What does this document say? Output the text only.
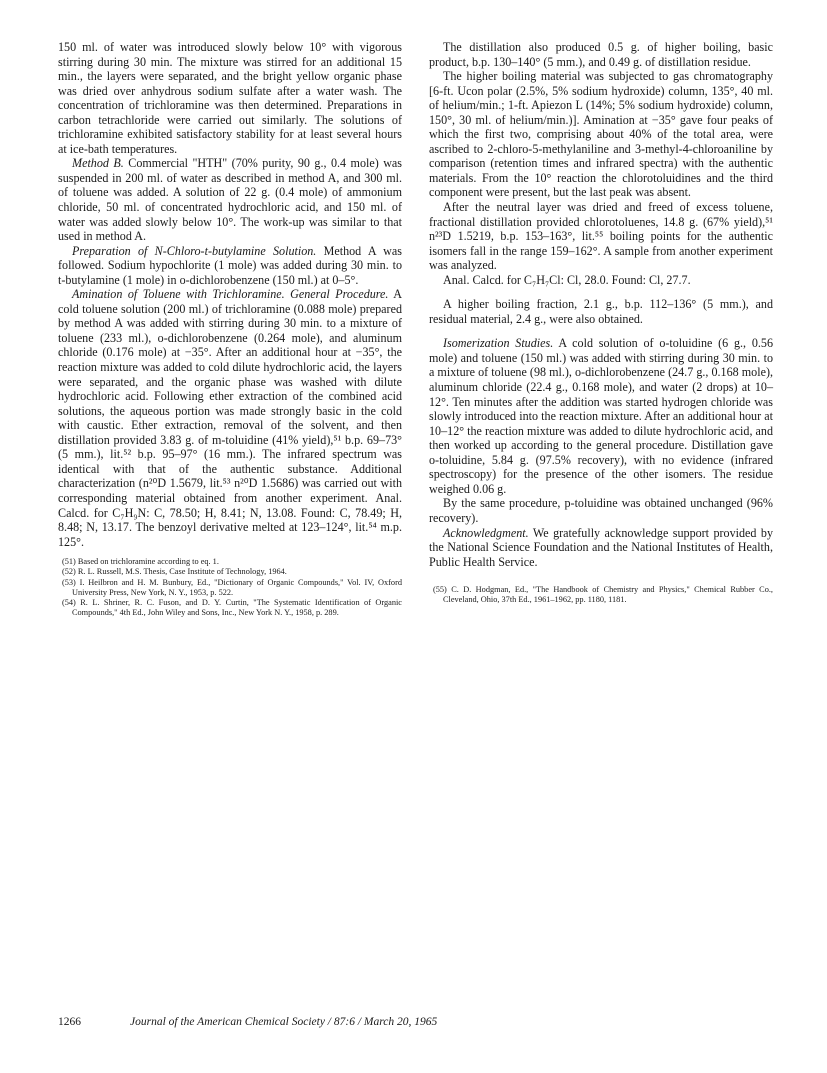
150 ml. of water was introduced slowly below 10° with vigorous stirring during 30 min. The mixture was stirred for an additional 15 min., the layers were separated, and the bright yellow organic phase was dried over anhydrous sodium sulfate after a water wash. The concentration of trichloramine was then determined. Preparations in carbon tetrachloride were carried out similarly. The solutions of trichloramine exhibited satisfactory stability for at least several hours at ice-bath temperatures.

Method B. Commercial "HTH" (70% purity, 90 g., 0.4 mole) was suspended in 200 ml. of water as described in method A, and 300 ml. of toluene was added. A solution of 22 g. (0.4 mole) of ammonium chloride, 50 ml. of concentrated hydrochloric acid, and 150 ml. of water was added slowly below 10°. The work-up was similar to that used in method A.

Preparation of N-Chloro-t-butylamine Solution. Method A was followed. Sodium hypochlorite (1 mole) was added during 30 min. to t-butylamine (1 mole) in o-dichlorobenzene (150 ml.) at 0–5°.

Amination of Toluene with Trichloramine. General Procedure. A cold toluene solution (200 ml.) of trichloramine (0.088 mole) prepared by method A was added with stirring during 30 min. to a mixture of toluene (233 ml.), o-dichlorobenzene (0.264 mole), and aluminum chloride (0.176 mole) at −35°. After an additional hour at −35°, the reaction mixture was added to cold dilute hydrochloric acid, the layers were separated, and the organic phase was washed with dilute hydrochloric acid. Following ether extraction of the combined acid solutions, the aqueous portion was made strongly basic in the cold with caustic. Ether extraction, removal of the solvent, and then distillation provided 3.83 g. of m-toluidine (41% yield),⁵¹ b.p. 69–73° (5 mm.), lit.⁵² b.p. 95–97° (16 mm.). The infrared spectrum was identical with that of the authentic substance. Additional characterization (n²⁰D 1.5679, lit.⁵³ n²⁰D 1.5686) was carried out with corresponding material obtained from another experiment. Anal. Calcd. for C₇H₉N: C, 78.50; H, 8.41; N, 13.08. Found: C, 78.49; H, 8.48; N, 13.17. The benzoyl derivative melted at 123–124°, lit.⁵⁴ m.p. 125°.

(51) Based on trichloramine according to eq. 1.

(52) R. L. Russell, M.S. Thesis, Case Institute of Technology, 1964.

(53) I. Heilbron and H. M. Bunbury, Ed., "Dictionary of Organic Compounds," Vol. IV, Oxford University Press, New York, N. Y., 1953, p. 522.

(54) R. L. Shriner, R. C. Fuson, and D. Y. Curtin, "The Systematic Identification of Organic Compounds," 4th Ed., John Wiley and Sons, Inc., New York N. Y., 1958, p. 289.

The distillation also produced 0.5 g. of higher boiling, basic product, b.p. 130–140° (5 mm.), and 0.49 g. of distillation residue.

The higher boiling material was subjected to gas chromatography [6-ft. Ucon polar (2.5%, 5% sodium hydroxide) column, 135°, 40 ml. of helium/min.; 1-ft. Apiezon L (14%; 5% sodium hydroxide) column, 150°, 30 ml. of helium/min.)]. Amination at −35° gave four peaks of which the first two, comprising about 40% of the total area, were ascribed to 2-chloro-5-methylaniline and 3-methyl-4-chloroaniline by comparison (retention times and infrared spectra) with the authentic materials. From the 10° reaction the chlorotoluidines and the third component were present, but the last peak was absent.

After the neutral layer was dried and freed of excess toluene, fractional distillation provided chlorotoluenes, 14.8 g. (67% yield),⁵¹ n²³D 1.5219, b.p. 153–163°, lit.⁵⁵ boiling points for the authentic isomers fall in the range 159–162°. A sample from another experiment was analyzed.

Anal. Calcd. for C₇H₇Cl: Cl, 28.0. Found: Cl, 27.7.

A higher boiling fraction, 2.1 g., b.p. 112–136° (5 mm.), and residual material, 2.4 g., were also obtained.

Isomerization Studies. A cold solution of o-toluidine (6 g., 0.56 mole) and toluene (150 ml.) was added with stirring during 30 min. to a mixture of toluene (98 ml.), o-dichlorobenzene (24.7 g., 0.168 mole), aluminum chloride (22.4 g., 0.168 mole), and water (2 drops) at 10–12°. Ten minutes after the addition was started hydrogen chloride was slowly introduced into the reaction mixture. After an additional hour at 10–12° the reaction mixture was added to dilute hydrochloric acid, and then worked up according to the general procedure. Distillation gave o-toluidine, 5.84 g. (97.5% recovery), with no evidence (infrared spectroscopy) for the presence of the other isomers. The residue weighed 0.06 g.

By the same procedure, p-toluidine was obtained unchanged (96% recovery).

Acknowledgment. We gratefully acknowledge support provided by the National Science Foundation and the National Institutes of Health, Public Health Service.

(55) C. D. Hodgman, Ed., "The Handbook of Chemistry and Physics," Chemical Rubber Co., Cleveland, Ohio, 37th Ed., 1961–1962, pp. 1180, 1181.

1266	Journal of the American Chemical Society / 87:6 / March 20, 1965
